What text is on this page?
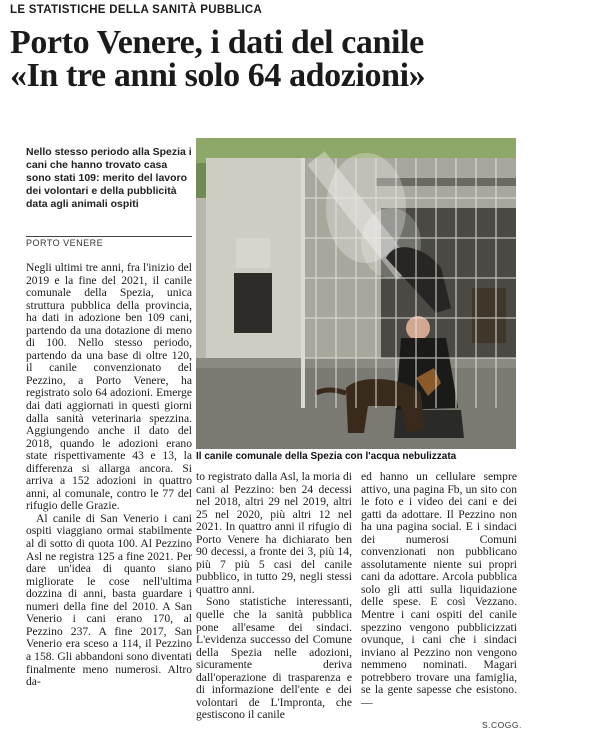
LE STATISTICHE DELLA SANITÀ PUBBLICA
Porto Venere, i dati del canile
«In tre anni solo 64 adozioni»
Nello stesso periodo alla Spezia i cani che hanno trovato casa sono stati 109: merito del lavoro dei volontari e della pubblicità data agli animali ospiti
PORTO VENERE

Negli ultimi tre anni, fra l'inizio del 2019 e la fine del 2021, il canile comunale della Spezia, unica struttura pubblica della provincia, ha dati in adozione ben 109 cani, partendo da una dotazione di meno di 100. Nello stesso periodo, partendo da una base di oltre 120, il canile convenzionato del Pezzino, a Porto Venere, ha registrato solo 64 adozioni. Emerge dai dati aggiornati in questi giorni dalla sanità veterinaria spezzina. Aggiungendo anche il dato del 2018, quando le adozioni erano state rispettivamente 43 e 13, la differenza si allarga ancora. Si arriva a 152 adozioni in quattro anni, al comunale, contro le 77 del rifugio delle Grazie.

Al canile di San Venerio i cani ospiti viaggiano ormai stabilmente al di sotto di quota 100. Al Pezzino Asl ne registra 125 a fine 2021. Per dare un'idea di quanto siano migliorate le cose nell'ultima dozzina di anni, basta guardare i numeri della fine del 2010. A San Venerio i cani erano 170, al Pezzino 237. A fine 2017, San Venerio era sceso a 114, il Pezzino a 158. Gli abbandoni sono diventati finalmente meno numerosi. Altro da-

Il canile comunale della Spezia con l'acqua nebulizzata

to registrato dalla Asl, la moria di cani al Pezzino: ben 24 decessi nel 2018, altri 29 nel 2019, altri 25 nel 2020, più altri 12 nel 2021. In quattro anni il rifugio di Porto Venere ha dichiarato ben 90 decessi, a fronte dei 3, più 14, più 7 più 5 casi del canile pubblico, in tutto 29, negli stessi quattro anni.

Sono statistiche interessanti, quelle che la sanità pubblica pone all'esame dei sindaci. L'evidenza successo del Comune della Spezia nelle adozioni, sicuramente deriva dall'operazione di trasparenza e di informazione dell'ente e dei volontari de L'Impronta, che gestiscono il canile

ed hanno un cellulare sempre attivo, una pagina Fb, un sito con le foto e i video dei cani e dei gatti da adottare. Il Pezzino non ha una pagina social. E i sindaci dei numerosi Comuni convenzionati non pubblicano assolutamente niente sui propri cani da adottare. Arcola pubblica solo gli atti sulla liquidazione delle spese. E così Vezzano. Mentre i cani ospiti del canile spezzino vengono pubblicizzati ovunque, i cani che i sindaci inviano al Pezzino non vengono nemmeno nominati. Magari potrebbero trovare una famiglia, se la gente sapesse che esistono. —

S.COGG.
